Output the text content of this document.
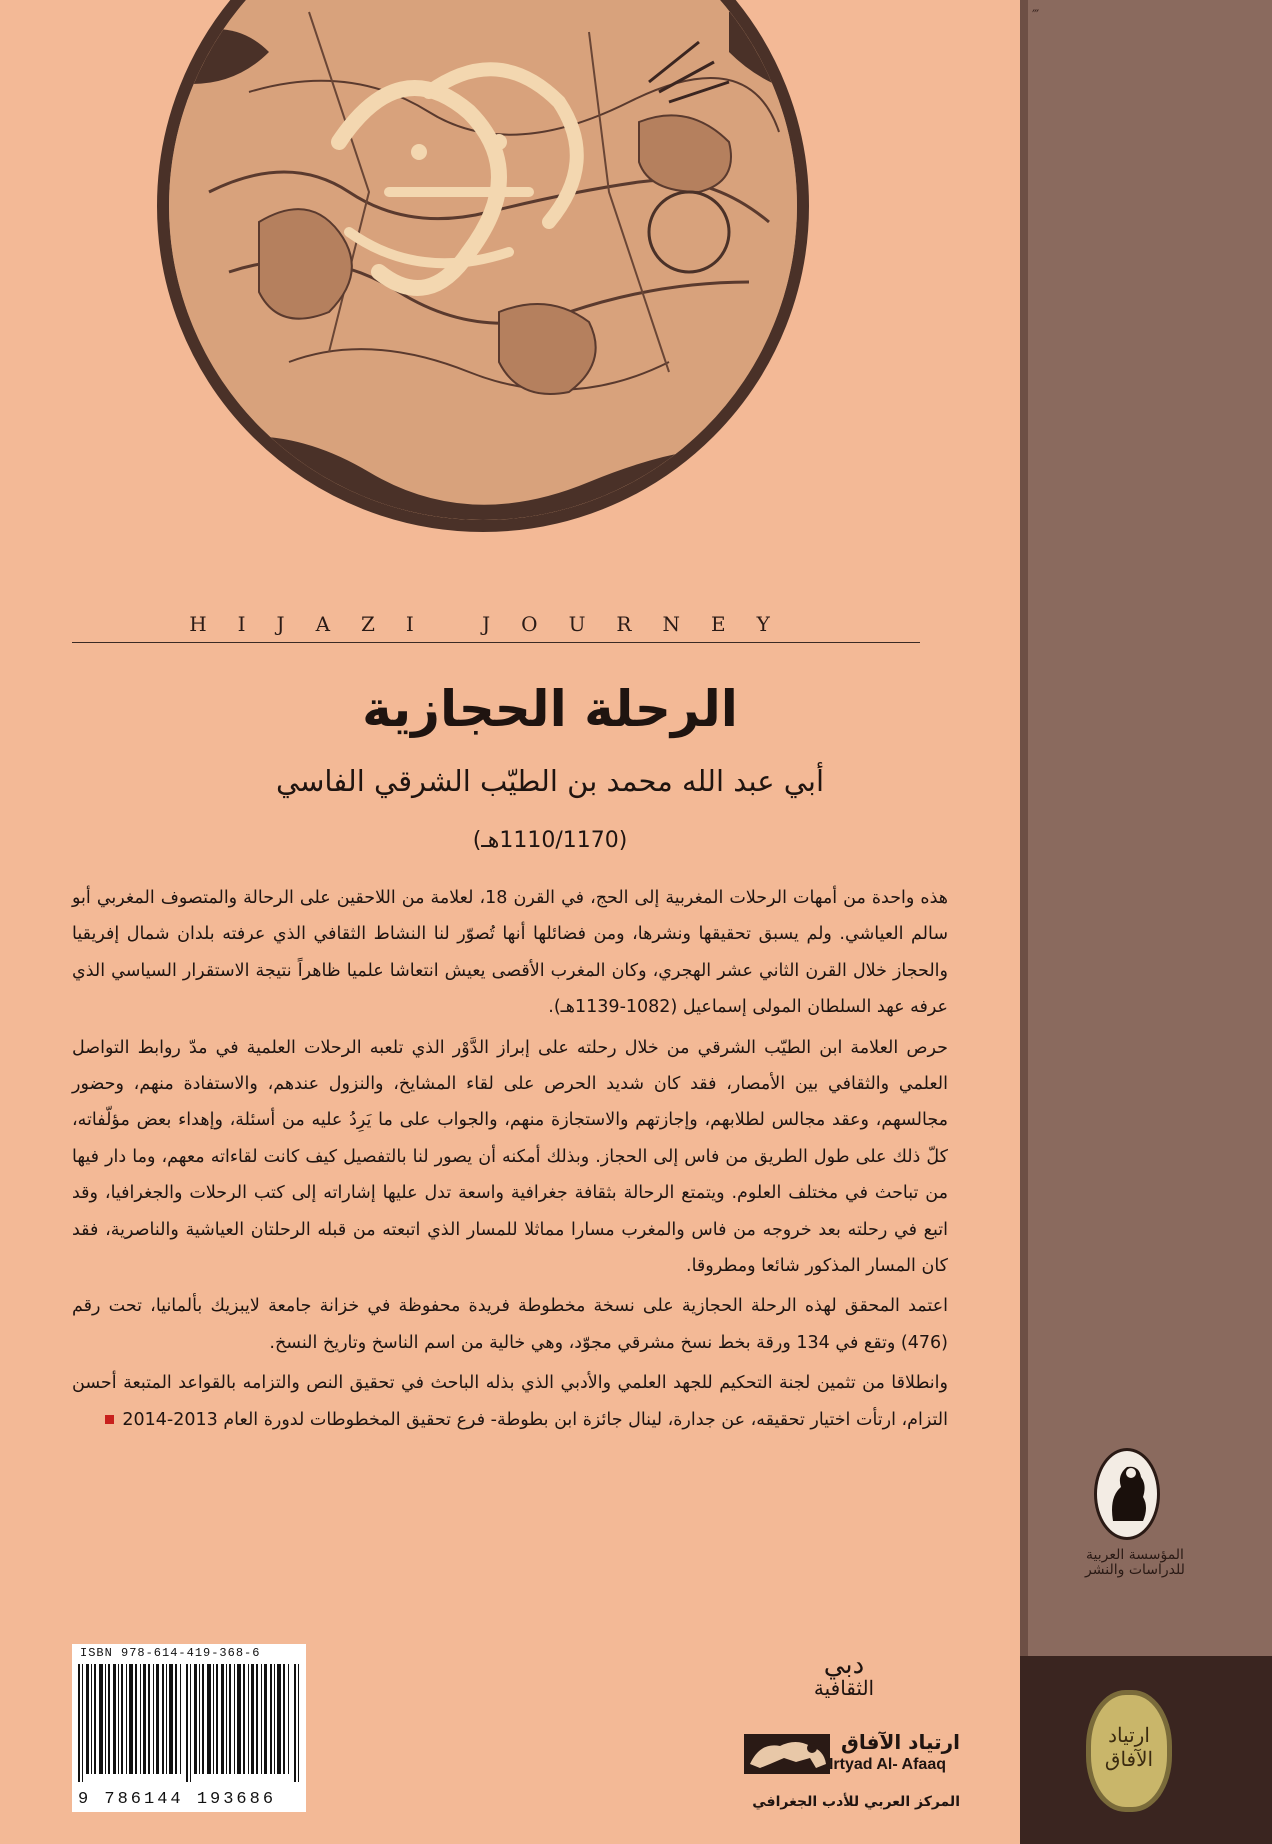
‴
HIJAZI JOURNEY
الرحلة الحجازية
أبي عبد الله محمد بن الطيّب الشرقي الفاسي
(1110/1170هـ)

هذه واحدة من أمهات الرحلات المغربية إلى الحج، في القرن 18، لعلامة من اللاحقين على الرحالة والمتصوف المغربي أبو سالم العياشي. ولم يسبق تحقيقها ونشرها، ومن فضائلها أنها تُصوّر لنا النشاط الثقافي الذي عرفته بلدان شمال إفريقيا والحجاز خلال القرن الثاني عشر الهجري، وكان المغرب الأقصى يعيش انتعاشا علميا ظاهراً نتيجة الاستقرار السياسي الذي عرفه عهد السلطان المولى إسماعيل (1082-1139هـ).

حرص العلامة ابن الطيّب الشرقي من خلال رحلته على إبراز الدَّوْر الذي تلعبه الرحلات العلمية في مدّ روابط التواصل العلمي والثقافي بين الأمصار، فقد كان شديد الحرص على لقاء المشايخ، والنزول عندهم، والاستفادة منهم، وحضور مجالسهم، وعقد مجالس لطلابهم، وإجازتهم والاستجازة منهم، والجواب على ما يَرِدُ عليه من أسئلة، وإهداء بعض مؤلّفاته، كلّ ذلك على طول الطريق من فاس إلى الحجاز. وبذلك أمكنه أن يصور لنا بالتفصيل كيف كانت لقاءاته معهم، وما دار فيها من تباحث في مختلف العلوم. ويتمتع الرحالة بثقافة جغرافية واسعة تدل عليها إشاراته إلى كتب الرحلات والجغرافيا، وقد اتبع في رحلته بعد خروجه من فاس والمغرب مسارا مماثلا للمسار الذي اتبعته من قبله الرحلتان العياشية والناصرية، فقد كان المسار المذكور شائعا ومطروقا.

اعتمد المحقق لهذه الرحلة الحجازية على نسخة مخطوطة فريدة محفوظة في خزانة جامعة لايبزيك بألمانيا، تحت رقم (476) وتقع في 134 ورقة بخط نسخ مشرقي مجوّد، وهي خالية من اسم الناسخ وتاريخ النسخ.

وانطلاقا من تثمين لجنة التحكيم للجهد العلمي والأدبي الذي بذله الباحث في تحقيق النص والتزامه بالقواعد المتبعة أحسن التزام، ارتأت اختيار تحقيقه، عن جدارة، لينال جائزة ابن بطوطة- فرع تحقيق المخطوطات لدورة العام 2013-2014

ISBN 978-614-419-368-6
9 786144 193686
دبي
الثقافية
ارتياد الآفاق
Irtyad Al- Afaaq
المركز العربي للأدب الجغرافي
المؤسسة العربية للدراسات والنشر
ارتياد الآفاق
